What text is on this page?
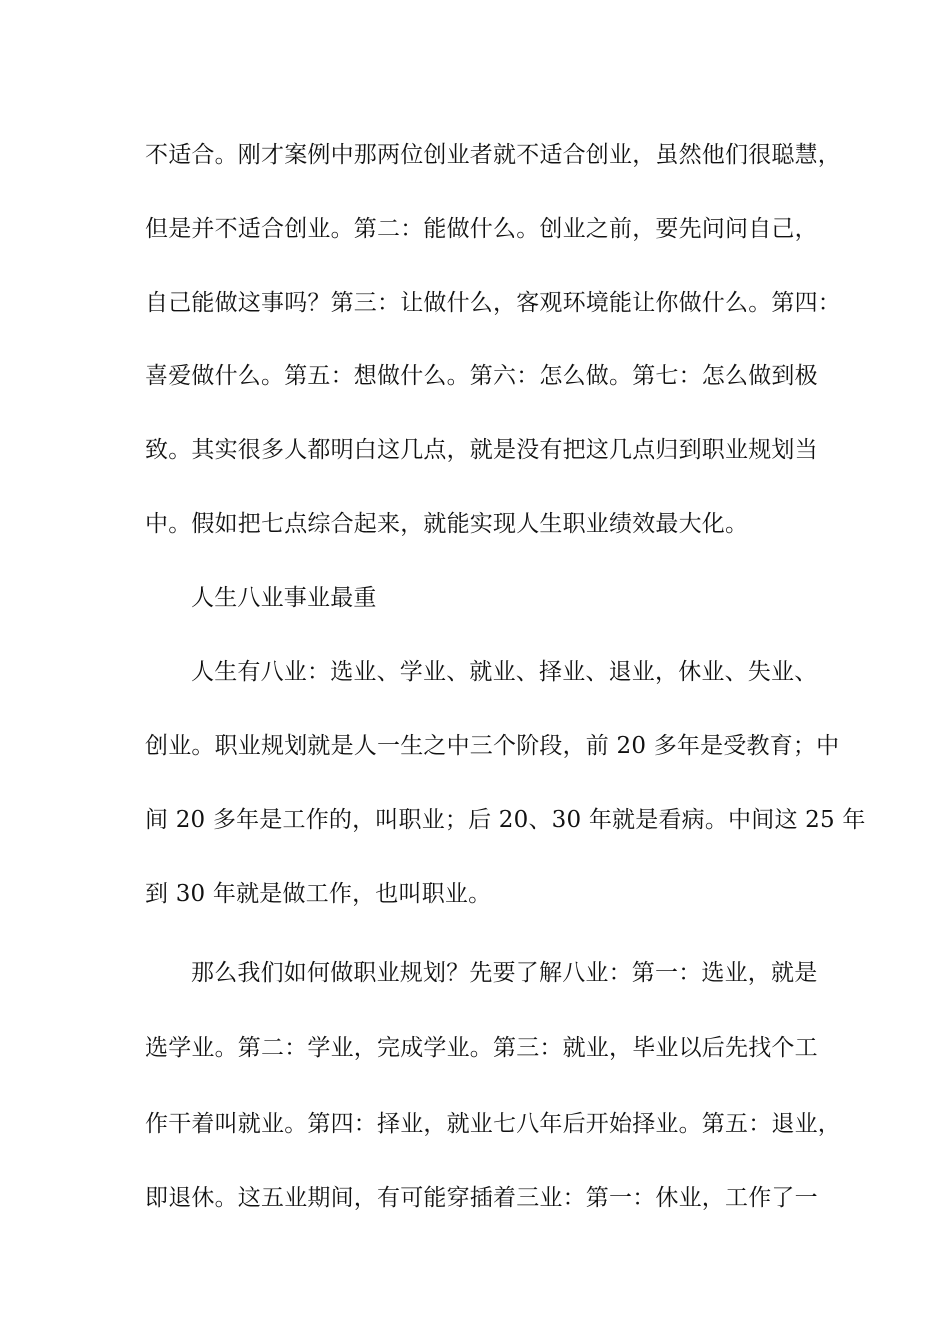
不适合。刚才案例中那两位创业者就不适合创业，虽然他们很聪慧，
但是并不适合创业。第二：能做什么。创业之前，要先问问自己，
自己能做这事吗？第三：让做什么，客观环境能让你做什么。第四：
喜爱做什么。第五：想做什么。第六：怎么做。第七：怎么做到极
致。其实很多人都明白这几点，就是没有把这几点归到职业规划当
中。假如把七点综合起来，就能实现人生职业绩效最大化。
人生八业事业最重
人生有八业：选业、学业、就业、择业、退业，休业、失业、
创业。职业规划就是人一生之中三个阶段，前 20 多年是受教育；中
间 20 多年是工作的，叫职业；后 20、30 年就是看病。中间这 25 年
到 30 年就是做工作，也叫职业。
那么我们如何做职业规划？先要了解八业：第一：选业，就是
选学业。第二：学业，完成学业。第三：就业，毕业以后先找个工
作干着叫就业。第四：择业，就业七八年后开始择业。第五：退业，
即退休。这五业期间，有可能穿插着三业：第一：休业，工作了一
